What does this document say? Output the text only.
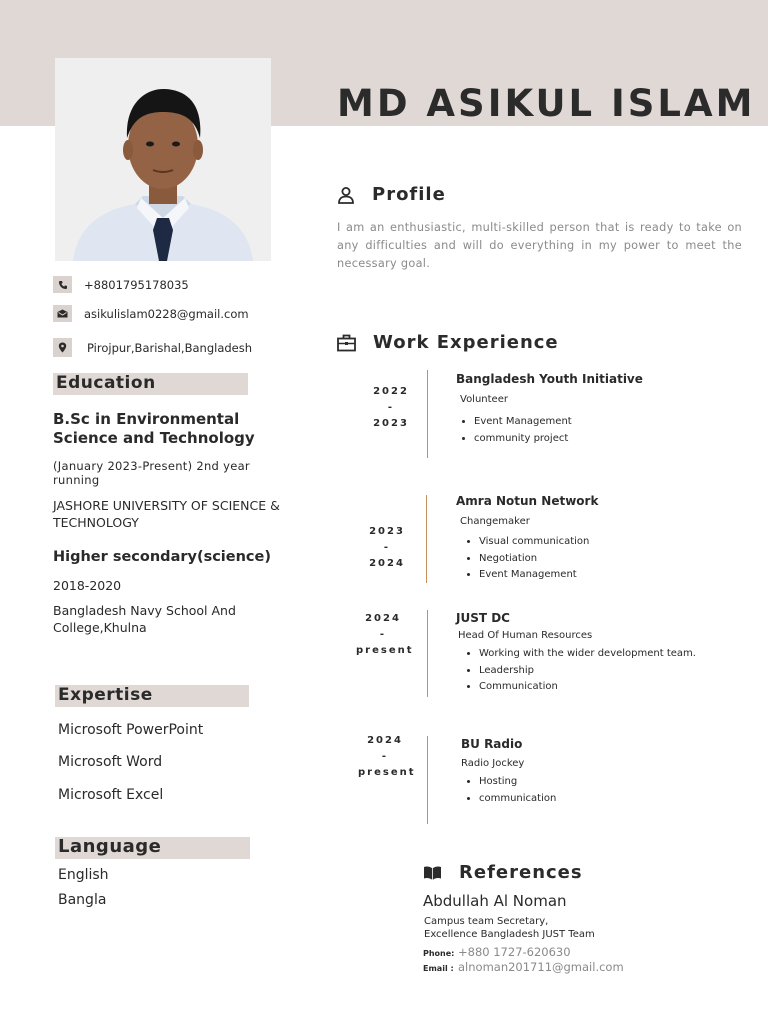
MD ASIKUL ISLAM
+8801795178035
asikulislam0228@gmail.com
Pirojpur,Barishal,Bangladesh
Education
B.Sc in Environmental Science and Technology
(January 2023-Present) 2nd year running
JASHORE UNIVERSITY OF SCIENCE & TECHNOLOGY
Higher secondary(science)
2018-2020
Bangladesh Navy School And College,Khulna
Expertise
Microsoft PowerPoint
Microsoft Word
Microsoft Excel
Language
English
Bangla
Profile
I am an enthusiastic, multi-skilled person that is ready to take on any difficulties and will do everything in my power to meet the necessary goal.
Work Experience
2022
-
2023
Bangladesh Youth Initiative
Volunteer
• Event Management
• community project
2023
-
2024
Amra Notun Network
Changemaker
• Visual communication
• Negotiation
• Event Management
2024
-
present
JUST DC
Head Of Human Resources
• Working with the wider development team.
• Leadership
• Communication
2024
-
present
BU Radio
Radio Jockey
• Hosting
• communication
References
Abdullah Al Noman
Campus team Secretary,
Excellence Bangladesh JUST Team
Phone: +880 1727-620630
Email : alnoman201711@gmail.com
